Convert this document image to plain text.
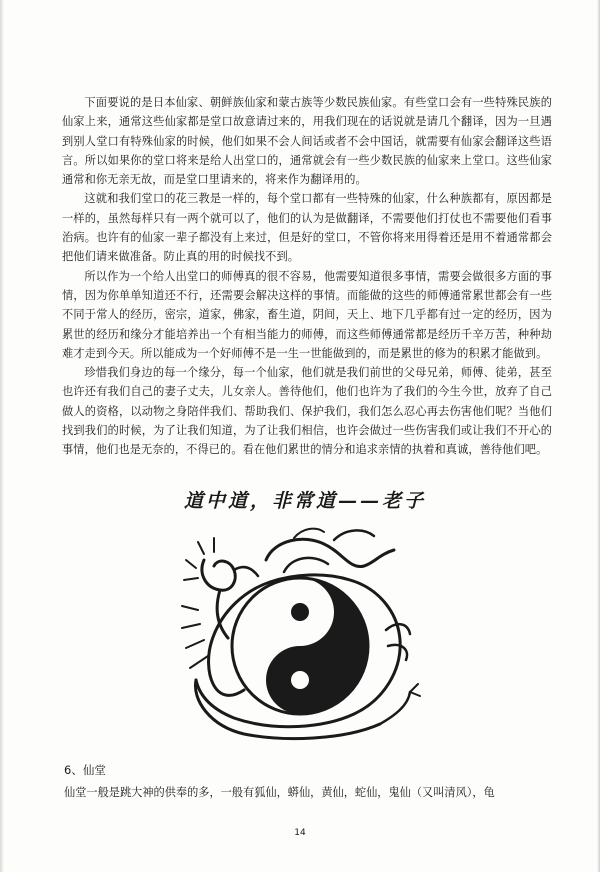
下面要说的是日本仙家、朝鲜族仙家和蒙古族等少数民族仙家。有些堂口会有一些特殊民族的仙家上来，通常这些仙家都是堂口故意请过来的，用我们现在的话说就是请几个翻译，因为一旦遇到别人堂口有特殊仙家的时候，他们如果不会人间话或者不会中国话，就需要有仙家会翻译这些语言。所以如果你的堂口将来是给人出堂口的，通常就会有一些少数民族的仙家来上堂口。这些仙家通常和你无亲无故，而是堂口里请来的，将来作为翻译用的。

这就和我们堂口的花三教是一样的，每个堂口都有一些特殊的仙家，什么种族都有，原因都是一样的，虽然每样只有一两个就可以了，他们的认为是做翻译，不需要他们打仗也不需要他们看事治病。也许有的仙家一辈子都没有上来过，但是好的堂口，不管你将来用得着还是用不着通常都会把他们请来做准备。防止真的用的时候找不到。

所以作为一个给人出堂口的师傅真的很不容易，他需要知道很多事情，需要会做很多方面的事情，因为你单单知道还不行，还需要会解决这样的事情。而能做的这些的师傅通常累世都会有一些不同于常人的经历，密宗，道家，佛家，畜生道，阴间，天上、地下几乎都有过一定的经历，因为累世的经历和缘分才能培养出一个有相当能力的师傅，而这些师傅通常都是经历千辛万苦，种种劫难才走到今天。所以能成为一个好师傅不是一生一世能做到的，而是累世的修为的积累才能做到。

珍惜我们身边的每一个缘分，每一个仙家，他们就是我们前世的父母兄弟，师傅、徒弟，甚至也许还有我们自己的妻子丈夫，儿女亲人。善待他们，他们也许为了我们的今生今世，放弃了自己做人的资格，以动物之身陪伴我们、帮助我们、保护我们，我们怎么忍心再去伤害他们呢？当他们找到我们的时候，为了让我们知道，为了让我们相信，也许会做过一些伤害我们或让我们不开心的事情，他们也是无奈的，不得已的。看在他们累世的情分和追求亲情的执着和真诚，善待他们吧。

道中道，非常道——老子
6、仙堂
仙堂一般是跳大神的供奉的多，一般有狐仙，蟒仙，黄仙，蛇仙，鬼仙（又叫清风），龟
14
